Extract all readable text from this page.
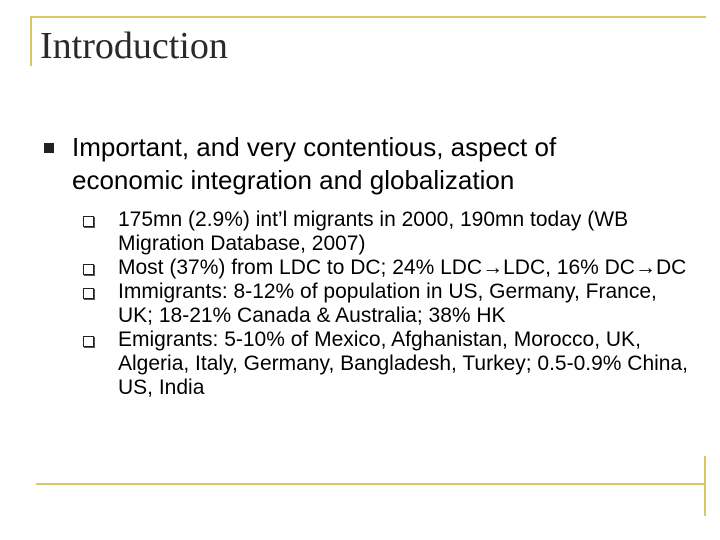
Introduction
Important, and very contentious, aspect of economic integration and globalization
175mn (2.9%) int’l migrants in 2000, 190mn today (WB Migration Database, 2007)
Most (37%) from LDC to DC; 24% LDC→LDC, 16% DC→DC
Immigrants: 8-12% of population in US, Germany, France, UK; 18-21% Canada & Australia; 38% HK
Emigrants: 5-10% of Mexico, Afghanistan, Morocco, UK, Algeria, Italy, Germany, Bangladesh, Turkey; 0.5-0.9% China, US, India
